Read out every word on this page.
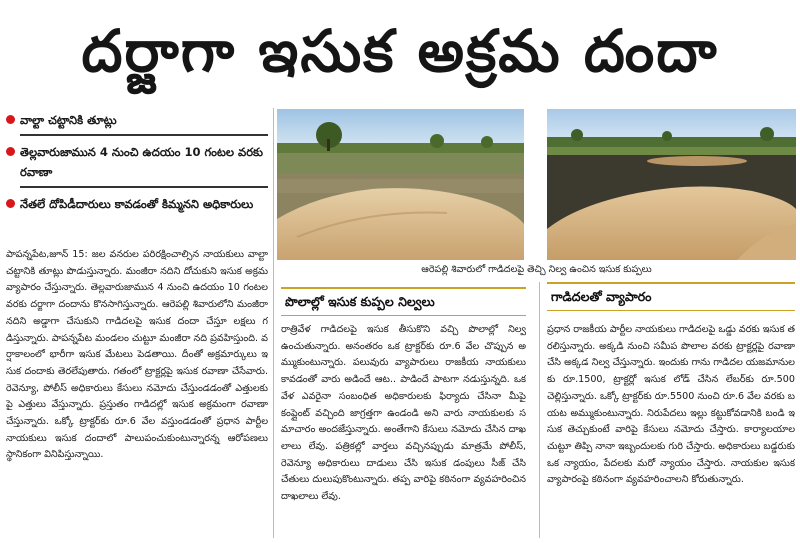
దర్జాగా ఇసుక అక్రమ దందా
వాల్టా చట్టానికి తూట్లు
తెల్లవారుజామున 4 నుంచి ఉదయం 10 గంటల వరకు రవాణా
నేతలే దోపిడీదారులు కావడంతో కిమ్మనని అధికారులు
పాపన్నపేట,జూన్ 15: జల వనరుల పరిరక్షించాల్సిన నాయకులు వాల్టా చట్టానికి తూట్లు పొడుస్తున్నారు. మంజీరా నదిని దోచుకుని ఇసుక అక్రమ వ్యాపారం చేస్తున్నారు. తెల్లవారుజామున 4 నుంచి ఉదయం 10 గంటల వరకు దర్జాగా దందాను కొనసాగిస్తున్నారు. ఆరెపల్లి శివారులోని మంజీరా నదిని అడ్డాగా చేసుకుని గాడిదలపై ఇసుక దందా చేస్తూ లక్షలు గడిస్తున్నారు. పాపన్నపేట మండలం చుట్టూ మంజీరా నది ప్రవహిస్తుంది. వర్షాకాలంలో భారీగా ఇసుక మేటలు పెడతాయి. దీంతో అక్రమార్కులు ఇసుక దందాకు తెరలేపుతారు. గతంలో ట్రాక్టర్లపై ఇసుక రవాణా చేసేవారు. రెవెన్యూ, పోలీస్ అధికారులు కేసులు నమోదు చేస్తుండడంతో ఎత్తులకు పై ఎత్తులు వేస్తున్నారు. ప్రస్తుతం గాడిదల్లో ఇసుక అక్రమంగా రవాణా చేస్తున్నారు. ఒక్కో ట్రాక్టర్‌కు రూ.6 వేల వస్తుండడంతో ప్రధాన పార్టీల నాయకులు ఇసుక దందాలో పాలుపంచుకుంటున్నారన్న ఆరోపణలు స్థానికంగా వినిపిస్తున్నాయి.
ఆరెపల్లి శివారులో గాడిదలపై తెచ్చి నిల్వ ఉంచిన ఇసుక కుప్పలు
పొలాల్లో ఇసుక కుప్పల నిల్వలు
రాత్రివేళ గాడిదలపై ఇసుక తీసుకొని వచ్చి పొలాల్లో నిల్వ ఉంచుతున్నారు. అనంతరం ఒక ట్రాక్టర్‌కు రూ.6 వేల చొప్పున అమ్ముకుంటున్నారు. పలువురు వ్యాపారులు రాజకీయ నాయకులు కావడంతో వారు అడిందే ఆట.. పాడిందే పాటగా నడుస్తున్నది. ఒక వేళ ఎవరైనా సంబంధిత అధికారులకు ఫిర్యాదు చేసినా మీపై కంప్లైంట్ వచ్చింది జాగ్రత్తగా ఉండండి అని వారు నాయకులకు సమాచారం అందజేస్తున్నారు. అంతేగాని కేసులు నమోదు చేసిన దాఖలాలు లేవు. పత్రికల్లో వార్తలు వచ్చినప్పుడు మాత్రమే పోలీస్, రెవెన్యూ అధికారులు దాడులు చేసి ఇసుక డంపులు సీజ్ చేసి చేతులు దులుపుకొంటున్నారు. తప్ప వారిపై కఠినంగా వ్యవహరించిన దాఖలాలు లేవు.
గాడిదలతో వ్యాపారం
ప్రధాన రాజకీయ పార్టీల నాయకులు గాడిదలపై ఒడ్డు వరకు ఇసుక తరలిస్తున్నారు. అక్కడి నుంచి సమీప పొలాల వరకు ట్రాక్టర్లపై రవాణా చేసి అక్కడ నిల్వ చేస్తున్నారు. ఇందుకు గాను గాడిదల యజమానులకు రూ.1500, ట్రాక్టర్లో ఇసుక లోడ్ చేసిన లేబర్‌కు రూ.500 చెల్లిస్తున్నారు. ఒక్కో ట్రాక్టర్‌కు రూ.5500 నుంచి రూ.6 వేల వరకు బయట అమ్ముకుంటున్నారు. నిరుపేదలు ఇల్లు కట్టుకోవడానికి బండి ఇసుక తెచ్చుకుంటే వారిపై కేసులు నమోదు చేస్తారు. కార్యాలయాల చుట్టూ తిప్పి నానా ఇబ్బందులకు గురి చేస్తారు. అధికారులు బడ్డరుకు ఒక న్యాయం, పేదలకు మరో న్యాయం చేస్తారు. నాయకుల ఇసుక వ్యాపారంపై కఠినంగా వ్యవహరించాలని కోరుతున్నారు.
